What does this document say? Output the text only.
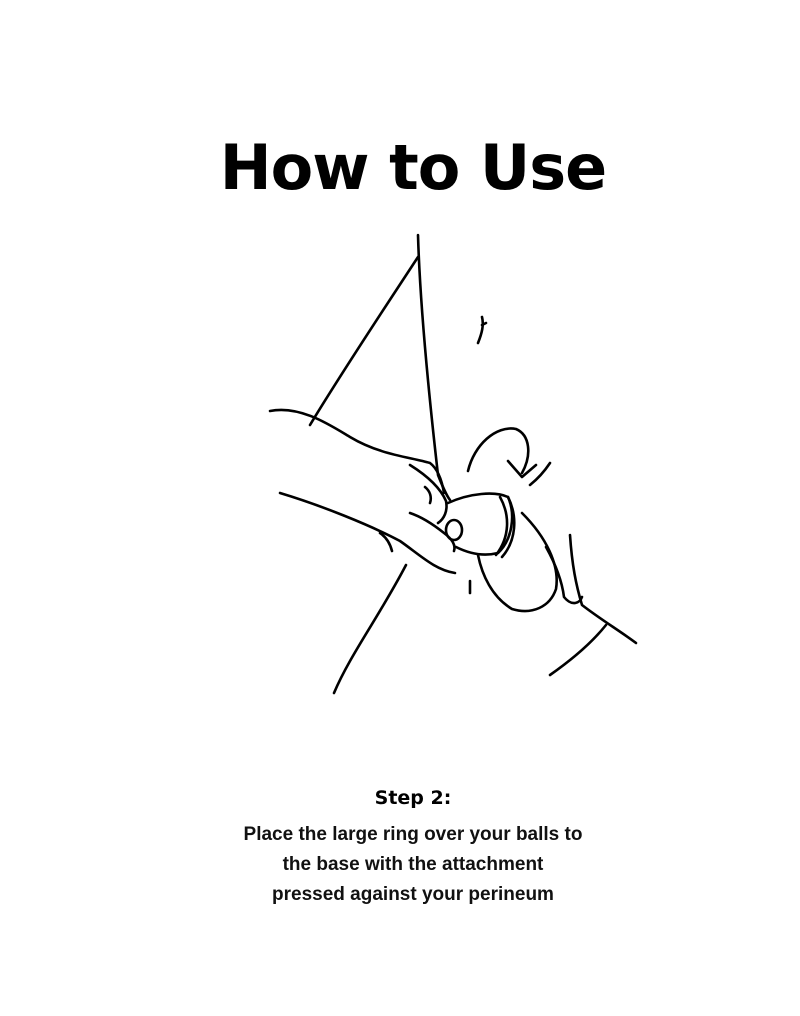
How to Use
Step 2:
Place the large ring over your balls to
the base with the attachment
pressed against your perineum
